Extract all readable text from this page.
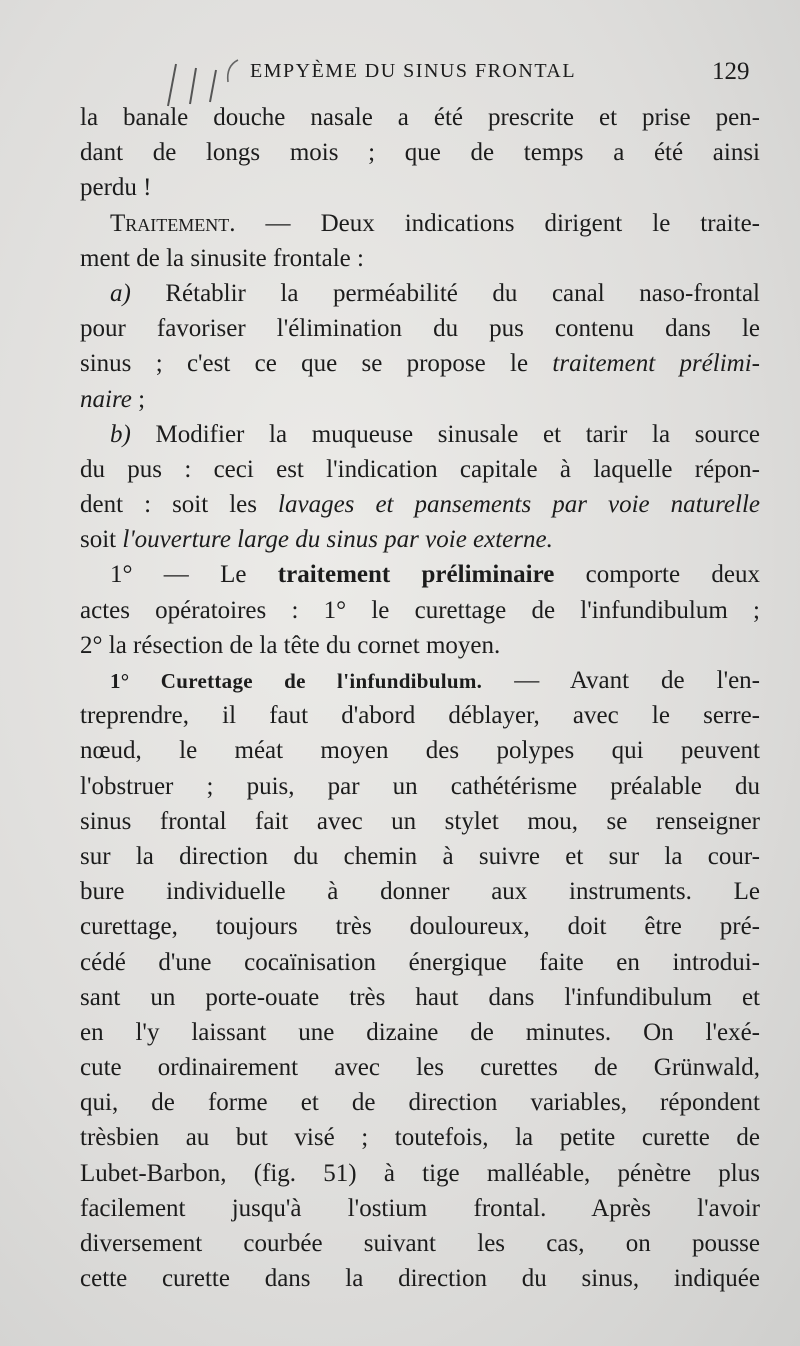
EMPYÈME DU SINUS FRONTAL	129
la banale douche nasale a été prescrite et prise pen-
dant de longs mois ; que de temps a été ainsi
perdu !
Traitement. — Deux indications dirigent le traite-
ment de la sinusite frontale :
a) Rétablir la perméabilité du canal naso-frontal
pour favoriser l'élimination du pus contenu dans le
sinus ; c'est ce que se propose le traitement prélimi-
naire ;
b) Modifier la muqueuse sinusale et tarir la source
du pus : ceci est l'indication capitale à laquelle répon-
dent : soit les lavages et pansements par voie naturelle
soit l'ouverture large du sinus par voie externe.
1° — Le traitement préliminaire comporte deux
actes opératoires : 1° le curettage de l'infundibulum ;
2° la résection de la tête du cornet moyen.
1° Curettage de l'infundibulum. — Avant de l'en-
treprendre, il faut d'abord déblayer, avec le serre-
nœud, le méat moyen des polypes qui peuvent
l'obstruer ; puis, par un cathétérisme préalable du
sinus frontal fait avec un stylet mou, se renseigner
sur la direction du chemin à suivre et sur la cour-
bure individuelle à donner aux instruments. Le
curettage, toujours très douloureux, doit être pré-
cédé d'une cocaïnisation énergique faite en introdui-
sant un porte-ouate très haut dans l'infundibulum et
en l'y laissant une dizaine de minutes. On l'exé-
cute ordinairement avec les curettes de Grünwald,
qui, de forme et de direction variables, répondent
trèsbien au but visé ; toutefois, la petite curette de
Lubet-Barbon, (fig. 51) à tige malléable, pénètre plus
facilement jusqu'à l'ostium frontal. Après l'avoir
diversement courbée suivant les cas, on pousse
cette curette dans la direction du sinus, indiquée
